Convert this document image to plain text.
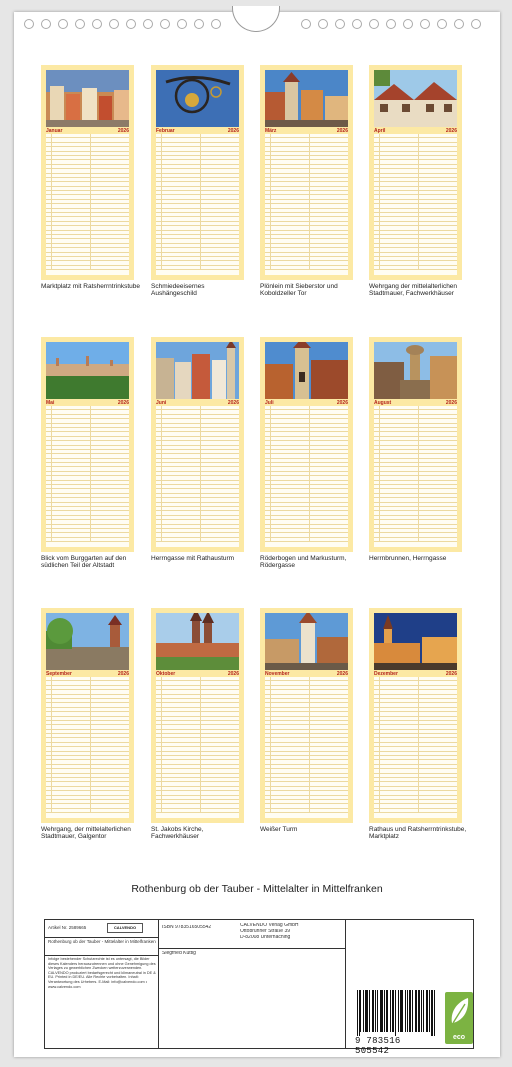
Januar	2026
Marktplatz mit Ratsherrntrinkstube
Februar	2026
Schmiedeeisernes Aushängeschild
März	2026
Plönlein mit Sieberstor und Koboldzeller Tor
April	2026
Wehrgang der mittelalterlichen Stadtmauer, Fachwerkhäuser
Mai	2026
Blick vom Burggarten auf den südlichen Teil der Altstadt
Juni	2026
Herrngasse mit Rathausturm
Juli	2026
Röderbogen und Markusturm, Rödergasse
August	2026
Herrnbrunnen, Herrngasse
September	2026
Wehrgang, der mittelalterlichen Stadtmauer, Galgentor
Oktober	2026
St. Jakobs Kirche, Fachwerkhäuser
November	2026
Weißer Turm
Dezember	2026
Rathaus und Ratsherrntrinkstube, Marktplatz
Rothenburg ob der Tauber - Mittelalter in Mittelfranken
Artikel Nr. 2589665	CALVENDO
Rothenburg ob der Tauber - Mittelalter in Mittelfranken
Infolge bestehender Schutzrechte ist es untersagt, die Bilder dieses Kalenders herauszutrennen und ohne Genehmigung des Verlages zu gewerblichen Zwecken weiterzuverwenden. CALVENDO produziert bedarfsgerecht und klimaneutral in DE & EU. Printed in DE/EU. Alle Rechte vorbehalten. Inhalt: Verantwortung des Urhebers. E-Mail: info@calvendo.com • www.calvendo.com
ISBN 9783516505542	CALVENDO Verlag GmbH
Ottobrunner Straße 39
D-82008 Unterhaching
Siegfried Kuttig
9 783516 505542
eco
